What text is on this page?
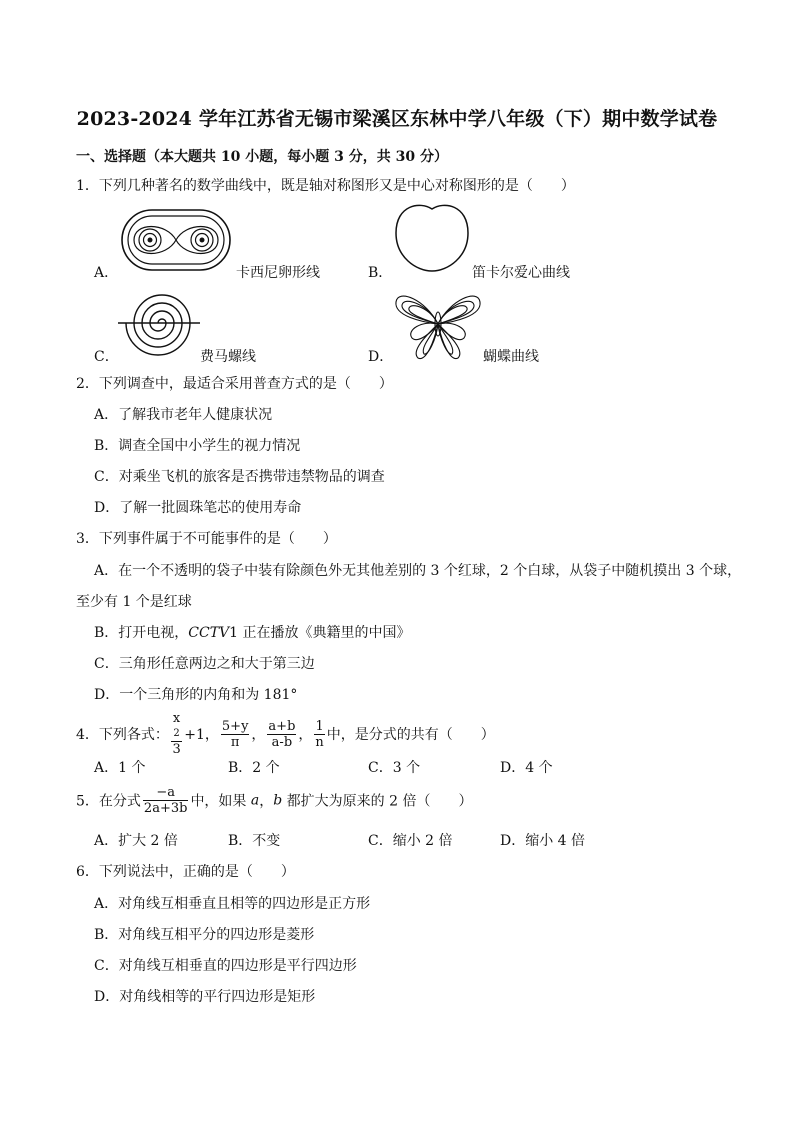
2023-2024 学年江苏省无锡市梁溪区东林中学八年级（下）期中数学试卷
一、选择题（本大题共 10 小题，每小题 3 分，共 30 分）
1．下列几种著名的数学曲线中，既是轴对称图形又是中心对称图形的是（　　）
A．	卡西尼卵形线	B．	笛卡尔爱心曲线
C．	费马螺线	D．	蝴蝶曲线
2．下列调查中，最适合采用普查方式的是（　　）
A．了解我市老年人健康状况
B．调查全国中小学生的视力情况
C．对乘坐飞机的旅客是否携带违禁物品的调查
D．了解一批圆珠笔芯的使用寿命
3．下列事件属于不可能事件的是（　　）
A．在一个不透明的袋子中装有除颜色外无其他差别的 3 个红球，2 个白球，从袋子中随机摸出 3 个球，
至少有 1 个是红球
B．打开电视，CCTV1 正在播放《典籍里的中国》
C．三角形任意两边之和大于第三边
D．一个三角形的内角和为 181°
4．下列各式： x
2
3 +1， $\frac{5+y}{\pi}$ ， $\frac{a+b}{a-b}$ ， $\frac{1}{n}$ 中，是分式的共有（　　）
A．1 个	B．2 个	C．3 个	D．4 个
5．在分式 $\frac{-a}{2a+3b}$ 中，如果 a，b 都扩大为原来的 2 倍（　　）
A．扩大 2 倍	B．不变	C．缩小 2 倍	D．缩小 4 倍
6．下列说法中，正确的是（　　）
A．对角线互相垂直且相等的四边形是正方形
B．对角线互相平分的四边形是菱形
C．对角线互相垂直的四边形是平行四边形
D．对角线相等的平行四边形是矩形
